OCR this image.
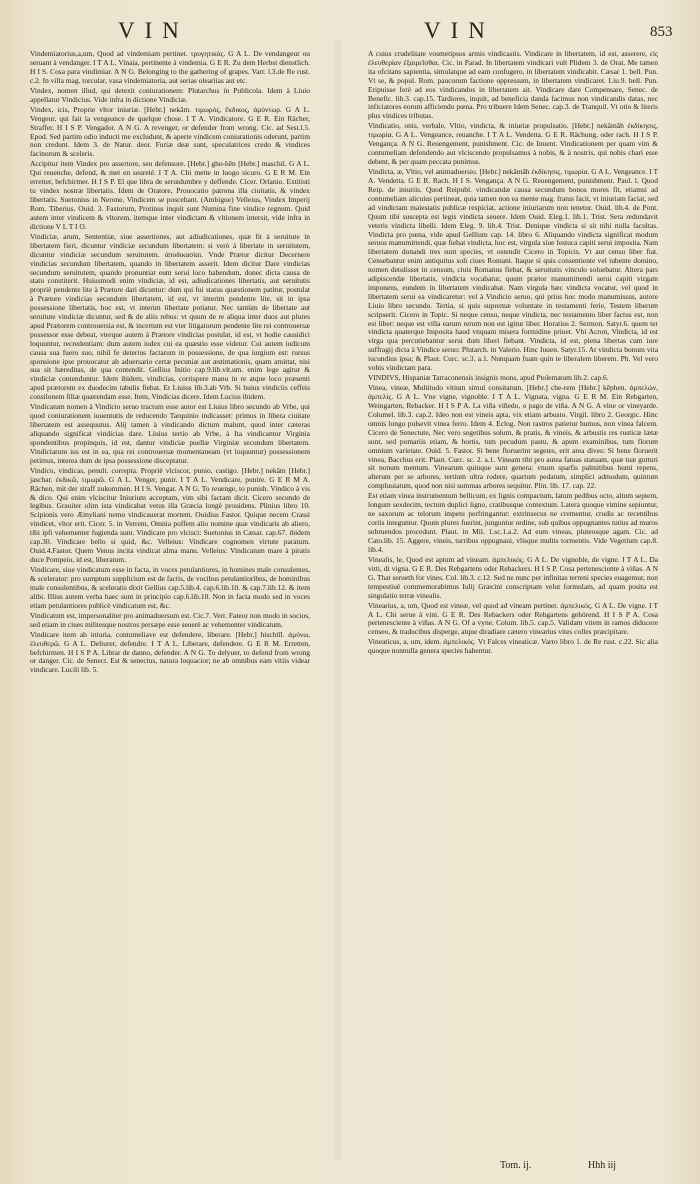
VIN	VIN	853

Vindemiatorius,a,um, Quod ad vindemiam pertinet. τρυγητικός. G A L. De vendangeur ou seruant à vendanger. I T A L. Vinaia, pertinente à vindemia. G E R. Zu dem Herbst dienstlich. H I S. Cosa para vindimiar. A N G. Belonging to the gathering of grapes. Varr. l.3.de Re rust. c.2. In villa mag. torcular, vasa vindemiatoria, aut serias oleariias aut etc.

Vindex, nomen illud, qui detexit coniurationem: Plutarchus in Publicola. Idem à Liuio appellatur Vindicius. Vide infra in dictione Vindiciæ.

Vindex, icis, Proprie vltor iniuriæ. [Hebr.] nekâm. τιμωρός, ἔκδικος, ἀμύντωρ. G A L. Vengeur, qui fait la vengeance de quelque chose. I T A. Vindicatore. G E R. Ein Rächer, Straffer. H I S P. Vengador. A N G. A revenger, or defender from wrong. Cic. ad Sest.l.5. Epod. Sed partim odio inducti me excludunt, & aperte vindicem coniurationis oderunt, partim non credunt. Idem 3. de Natur. deor. Furiæ deæ sunt, speculatrices credo & vindices facinorum & sceleris.

Accipitur item Vindex pro assertore, seu defensore. [Hebr.] gho-hên [Hebr.] maschil. G A L. Qui reuenche, defend, & met en seureté. I T A. Chi mette in luogo sicuro. G E R M. Ein erretter, befchirmer. H I S P. El que libra de seruidumbre y deffende. Cicer. Orlanio. Extitisti tu vindex nostræ libertatis. Idem de Oratore, Prouocatio patrona illa ciuitatis, & vindex libertatis. Suetonius in Nerone, Vindicem se poscebant. (Ambigue) Velleius, Vindex Imperij Rom. Tiberius. Ouid. 3. Fastorum, Protinus inquit sunt Numina fine vindice regnum. Quid autem inter vindicem & vltorem, itemque inter vindictam & vltionem intersit, vide infra in dictione V L T I O.

Vindiciæ, arum, Sententiæ, siue assertiones, aut adiudicationes, quæ fit à seruitute in libertatem fieri, dicuntur vindiciæ secundum libertatem: si verò à libertate in seruitutem, dicuntur vindiciæ secundum seruitutem. ἀποδικασίαι. Vnde Prætor dicitur Decernere vindicias secundum libertatem, quando in libertatem asserit. Idem dicitur Dare vindicias secundum seruitutem, quando pronuntiat eum seruí loco habendum, donec dicta causa de statu constiterit. Huiusmodi enim vindiciæ, id est, adiudicationes libertatis, aut seruitutis propriè pendente lite à Prætore dari dicuntur: dum qui fui status quæstionem patitur, postulat à Prætore vindicias secundum libertatem, id est, vt interim pendente lite, sit in ipsa possessione libertatis, hoc est, vt interim libertate potiatur. Nec tantùm de libertate aut seruitute vindiciæ dicuntur, sed & de aliis rebus: vt quum de re aliqua inter duos aut plures apud Prætorem controuersia est, & incertum est vter litigatorum pendente lite rei controuersæ possessor esse debeat, vterque autem à Prætore vindicias postulat, id est, vt hodie causidici loquuntur, recredentiam: dum autem iudex cui ea quæstio esse videtur. Cui autem iudicum causa sua fuero suo, nihil fe deterius factarum in possessione, de qua iurgium est: rursus sponsione ipse prouocatur ab aduersario certæ pecuniæ aut æstimationis, quam amittat, nisi sua sit hæreditas, de qua contendit. Gellius Initio cap.9.lib.vlt.um. enim lege agitur & vindiciæ contenduntur. Idem ibidem, vindicias, corrispere manu in re atque loco præsenti apud prætorem ex duodecim tabulis fiebat. Et Liuius lib.3.ab Vrb. Si huius vindiciis ceffeis consilonem filiæ quærendam esse. Item, Vindicias dicere. Idem Lucius ibidem.

Vindicatum nomen à Vindicio seruo tractum esse autor est Liuius libro secundo ab Vrbe, qui quod coniurationem iuuentutis de reducendo Tarquinio indicasset: primus in libera ciuitate libertatem est assequutus. Alij tamen à vindicando dictum malunt, quod inter cæteras aliquando significat vindicias dare. Liuius tertio ab Vrbe, à Ita vindicantur Virginia spondentibus propinquis, id est, dantur vindiciæ puellæ Virginiæ secundum libertatem. Vindiciarum ius est in ea, qua rei controuersæ momentaneam (vt loquuntur) possessionem petimus, interea dum de ipsa possessione disceptatur.

Vindico, vindicas, penult. correpta. Propriè vlciscor, punio, castigo. [Hebr.] nekâm [Hebr.] jaschar. ἐκδικῶ, τιμωρῶ. G A L. Venger, punir. I T A L. Vendicare, punire. G E R M A. Rächen, mit der straff zukommen. H I S. Vengar. A N G. To reuenge, to punish. Vindico à vis & dico. Qui enim vlciscitur Iniurium acceptam, vim sibi factam dicit. Cicero secundo de legibus. Grauiter olim ista vindicabat vetus illa Græcia longè prouidens. Plinius libro 10. Scipionis vero Æmyliani nemo vindicauerat mortem. Ouidius Fastor. Quique necem Crassi vindicet, vltor erit. Cicer. 5. in Verrem, Omnia poffem alio nomine quæ vindicaris ab aliero, tibi ipfi vehementer fugienda sunt. Vindicare pro vlcisci: Suetonius in Cæsar. cap.67. ibidem cap.30. Vindicare bello si quid, &c. Velleius: Vindicare cognomen virtute paratum. Ouid.4.Fastor. Quem Venus incita vindicat alma manu. Velleius: Vindicatum mare à piratis duce Pompeio, id est, liberatum.

Vindicare, siue vindicatum esse in facta, in voces petulantiores, in homines male consulentes, & scelerator: pro sumptum supplicium est de factis, de vocibus petulantioribus, de hominibus male consulentibus, & sceleratis dixit Gellius cap.5.lib.4. cap.6.lib.10. & cap.7.lib.12. & item alibi. Illius autem verba haec sunt in principio cap.6.lib.10. Non in facta modo sed in voces etiam petulantiores publicè vindicatum est, &c.

Vindicatum est, impersonaliter pro animaduersum est. Cic.7. Verr. Fateor non modo in socios, sed etiam in ciues militesque nostros persæpe esse seuerè ac vehementer vindicatum.

Vindicare item ab iniuria, contumeliave est defendere, liberare. [Hebr.] hischtîl. ἀμύνω, ἐλευθερῶ. G A L. Deliurer, defendre. I T A L. Liberare, defendere. G E R M. Erretten, befchirmen. H I S P A. Librar de danno, defender. A N G. To delyuer, to defend from wrong or danger. Cic. de Senect. Est & senectus, natura loquacior; ne ab omnibus eam vitiis videar vindicare. Lucili lib. 5.

A cuius crudelitate vosmetipsos armis vindicastis. Vindicare in libertatem, id est, asserere, εἰς ἐλευθερίαν ἐξαιρεῖσθαι. Cic. in Parad. In libertatem vindicari vult Plidem 3. de Orat. Me tamen ita ofcitans sapientia, simulatque ad eam confugero, in libertatem vindicabit. Cæsar 1. bell. Pun. Vt se, & popul. Rom. paucorum factione oppressum, in libertatem vindicaret. Liu.9. bell. Pun. Eripuisse ferè ad eos vindicandos in libertatem ait. Vindicare dare Compensare, Senec. de Benefic. lib.3. cap.15. Tardiores, inquit, ad beneficia danda facimus non vindicandis datas, nec inficiatores eorum afficiendo pœna. Pro tribuere Idem Senec. cap.3. de Tranquil. Vt otio & literis plus vindices tributas.

Vindicatio, onis, verbale, Vltio, vindicta, & iniuriæ propulsatio. [Hebr.] nekâmâh ἐκδίκησις, τιμωρία. G A L. Vengeance, reuanche. I T A L. Vendetta. G E R. Rächung, oder rach. H I S P. Vengança. A N G. Reuengement, punishment. Cic. de Inuent. Vindicationem per quam vim & contumeliam defendendo aut vlciscendo propulsamus à nobis, & à nostris, qui nobis chari esse debent, & per quam peccata punimus.

Vindicta, æ, Vltio, vel animaduersio. [Hebr.] nekâmâh ἐκδίκησις, τιμωρία. G A L. Vengeance. I T A. Vendetta. G E R. Rach. H I S. Vengança. A N G. Reuengement, punishment. Paul. l. Quod Reip. de iniuriis. Quod Reipubl. vindicandæ causa secundum bonos mores fit, etiamsi ad contumeliam alicuius pertineat, quia tamen non ea mente mag. fratus facit, vt iniuriam faciat, sed ad vindictam maiestatis publicæ respiciat, actione iniuriarum non tenetur. Ouid. lib.4. de Pont. Quum tibi suscepta est legis vindicta seuere. Idem Ouid. Eleg.1. lib.1. Trist. Sera redundavit veteris vindicta libelli. Idem Eleg. 9. lib.4. Trist. Denique vindicta si sit nihi nulla facultas. Vindicta pro pœna, vide apud Gellium cap. 14. libro 6. Aliquando vindicta significat modum seruos manumittendi, quæ fiebat vindicta, hoc est, virgula siue festuca capiti serui imposita. Nam libertatem donandi tres sunt species, vt ostendit Cicero in Topicis. Vt aut censu liber fiat. Censebantur enim antiquitus soli ciues Romani. Itaque si quis consentiente vel iubente domino, nomen detulisset in censum, ciuis Romanus fiebat, & seruitutis vinculo soluebatur. Altera pars adipiscendæ libertatis, vindicta vocabatur, quum prætor manumittendi serui capiti virgam imponens, eundem in libertatem vindicabat. Nam virgula hæc vindicta vocatur, vel quod in libertatem serui ea vindicaretur: vel à Vindicio seruo, qui prius hoc modo manumissus, autore Liuio libro secundo. Tertia, si quis supremæ voluntate in testamenti ferie, Testem liberum scripserit. Cicero in Topic. Si neque censu, neque vindicta, nec testamento liber factus est, non est liber: neque est villa earum rerum non est igitur liber. Horatius 2. Sermon. Satyr.6. quem ter vindicta quaterque Imposita haud vnquam misera formidine priuet. Vbi Acron, Vindicta, id est virga qua percutiebantur serui dum liberi fiebant. Vindicta, id est, plena libertas cum iure suffragij dicta à Vindice seruo: Plutarch. in Valerio. Hinc Iuuen. Satyr.15. At vindicta bonum vita iucundius ipsa; & Plaut. Curc. sc.3. a.1. Nunquam fuam quin te liberalem liberem. Ph. Vel vero vobis vindictam para.

VINDIVS, Hispaniæ Tarraconensis insignis mons, apud Ptolemæum lib.2. cap.6.

Vinea, vineæ, Multitudo vitium simul consitarum. [Hebr.] che-rem [Hebr.] kêphen. ἀμπελών, ἀμπελίς. G A L. Vne vigne, vignoble. I T A L. Vignata, vigna. G E R M. Ein Rebgarten, Weingarten, Rebacker. H I S P A. La viña viñedo, o pago de viña. A N G. A vine or vineyarde. Columel. lib.3. cap.2. Ideo non est vineis apta, vix etiam arbusto. Virgil. libro 2. Georgic. Hinc omnis longo pulsevit vinea ferro. Idem 4. Eclog. Non rastros patietur humus, non vinea falcem. Cicero de Senectute, Nec vero segetibus solum, & pratis, & vineis, & arbustis res rusticæ lætæ sunt, sed pomariis etiam, & hortis, tum pecudum pastu, & apum examinibus, tum florum omnium varietate. Ouid. 5. Fastor. Si bene floruerint segetes, erit area dives: Si bene floruerit vinea, Bacchus erit. Plaut. Curc. sc. 2. a.1. Vineam tibi pro autea fatuas statuam, quæ tuæ gutturi sit nonum mentum. Vinearum quinque sunt genera: vnum sparfis palmitibus humi repens, alterum per se arbores, tertium ultra rodere, quartum pedatum, simplici admodum, quintum compluuiatum, quod non nisi summas arbores sequitur. Plin. lib. 17. cap. 22.

Est etiam vinea instrumentum bellicum, ex lignis compactum, latum pedibus octo, altum septem, longum sexdecim, tectum duplici ligno, cratibusque contextum. Latera quoque vimine sepiuntur, ne saxorum ac telorum impetu perfringantur: extrinsecus ne crementur, crudis ac recentibus coriis integuntur. Quum plures fuerint, junguntur ordine, sub quibus oppugnantes tutius ad muros subruendos procedunt. Plaut. in Mil. 1.sc.1.a.2. Ad eum vineas, pluteosque agam. Cic. ad Cato.lib. 15. Aggere, vineis, turribus oppugnaui, vlisque multis tormentis. Vide Vegetium cap.8. lib.4.

Vinealis, le, Quod est aptum ad vineam. ἀμπελικός. G A L. De vignoble, de vigne. I T A L. Da vitti, di vigna. G E R. Des Rebgartens oder Rebackers. H I S P. Cosa pertenesciente à viñas. A N G. That serueth for vines. Col. lib.3. c.12. Sed ne nunc per infinitas terreni species euagemur, non tempestiuè commemorabimus Iulij Græcini conscriptam velut formulam, ad quam posita est singulatio terræ vinealis.

Vinearius, a, um, Quod est vineæ, vel quod ad vineam pertinet. ἀμπελικός. G A L. De vigne. I T A L. Chi serue à vini. G E R. Des Rebackers oder Rebgartens gehörend. H I S P A. Cosa pertenesciente à viñas. A N G. Of a vyne. Colum. lib.5. cap.5. Validam vitem in ramos diducere censeo, & traducibus disperge, atque diradiare cætero vinearius vites colles præcipitare.

Vineaticus, a, um, idem. ἀμπελικός. Vt Falces vineaticæ. Varro libro 1. de Re rust. c.22. Sic alia quoque nonnulla genera species habentur.

Tom. ij.	Hhh iij
